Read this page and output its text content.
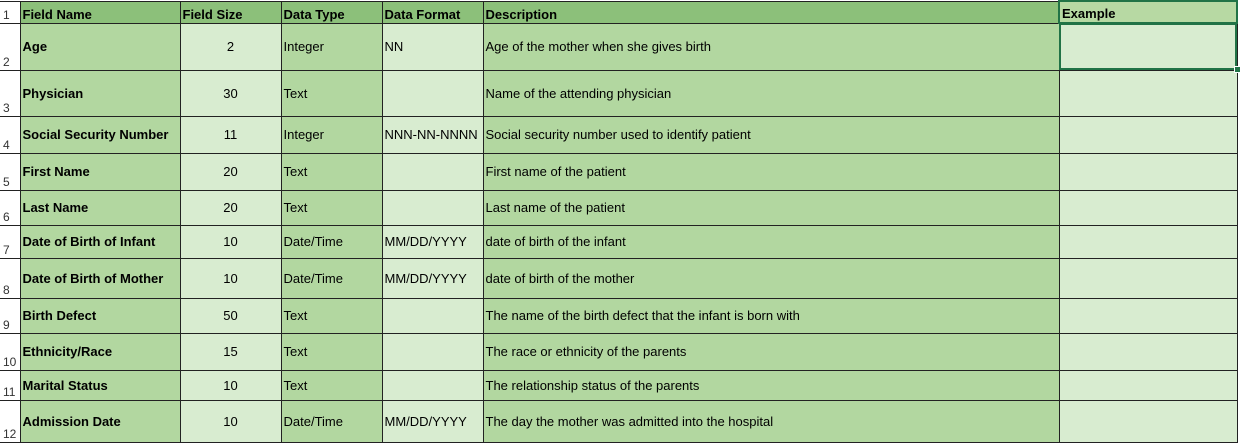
1	Field Name	Field Size	Data Type	Data Format	Description	Example
2	Age	2	Integer	NN	Age of the mother when she gives birth	
3	Physician	30	Text		Name of the attending physician	
4	Social Security Number	11	Integer	NNN-NN-NNNN	Social security number used to identify patient	
5	First Name	20	Text		First name of the patient	
6	Last Name	20	Text		Last name of the patient	
7	Date of Birth of Infant	10	Date/Time	MM/DD/YYYY	date of birth of the infant	
8	Date of Birth of Mother	10	Date/Time	MM/DD/YYYY	date of birth of the mother	
9	Birth Defect	50	Text		The name of the birth defect that the infant is born with	
10	Ethnicity/Race	15	Text		The race or ethnicity of the parents	
11	Marital Status	10	Text		The relationship status of the parents	
12	Admission Date	10	Date/Time	MM/DD/YYYY	The day the mother was admitted into the hospital	
